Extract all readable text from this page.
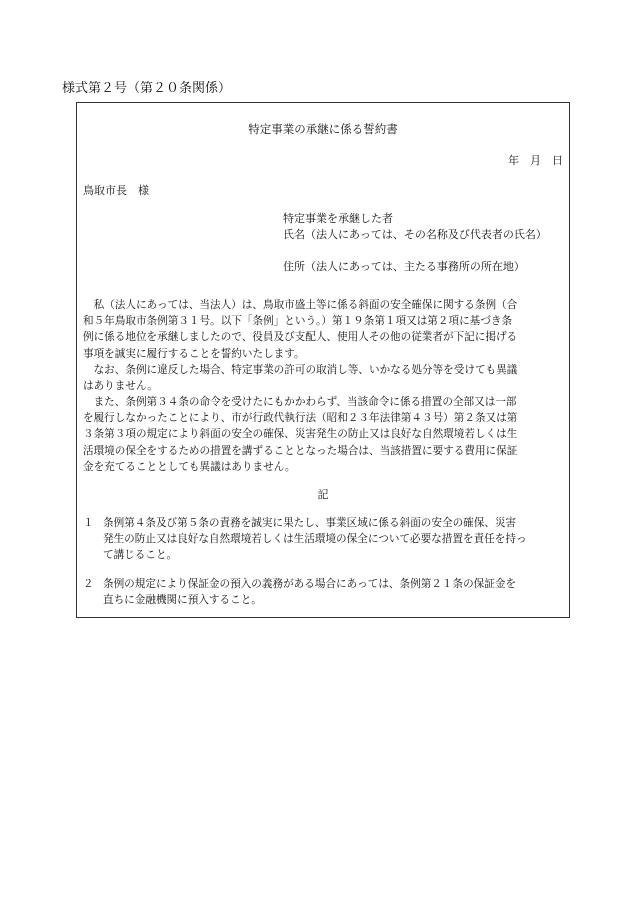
様式第２号（第２０条関係）
特定事業の承継に係る誓約書
年　月　日
鳥取市長　様
特定事業を承継した者
氏名（法人にあっては、その名称及び代表者の氏名）
住所（法人にあっては、主たる事務所の所在地）
　私（法人にあっては、当法人）は、鳥取市盛土等に係る斜面の安全確保に関する条例（合
和５年鳥取市条例第３１号。以下「条例」という。）第１９条第１項又は第２項に基づき条
例に係る地位を承継しましたので、役員及び支配人、使用人その他の従業者が下記に掲げる
事項を誠実に履行することを誓約いたします。
　なお、条例に違反した場合、特定事業の許可の取消し等、いかなる処分等を受けても異議
はありません。
　また、条例第３４条の命令を受けたにもかかわらず、当該命令に係る措置の全部又は一部
を履行しなかったことにより、市が行政代執行法（昭和２３年法律第４３号）第２条又は第
３条第３項の規定により斜面の安全の確保、災害発生の防止又は良好な自然環境若しくは生
活環境の保全をするための措置を講ずることとなった場合は、当該措置に要する費用に保証
金を充てることとしても異議はありません。
記
１ 条例第４条及び第５条の責務を誠実に果たし、事業区域に係る斜面の安全の確保、災害
発生の防止又は良好な自然環境若しくは生活環境の保全について必要な措置を責任を持っ
て講じること。
２ 条例の規定により保証金の預入の義務がある場合にあっては、条例第２１条の保証金を
直ちに金融機関に預入すること。
